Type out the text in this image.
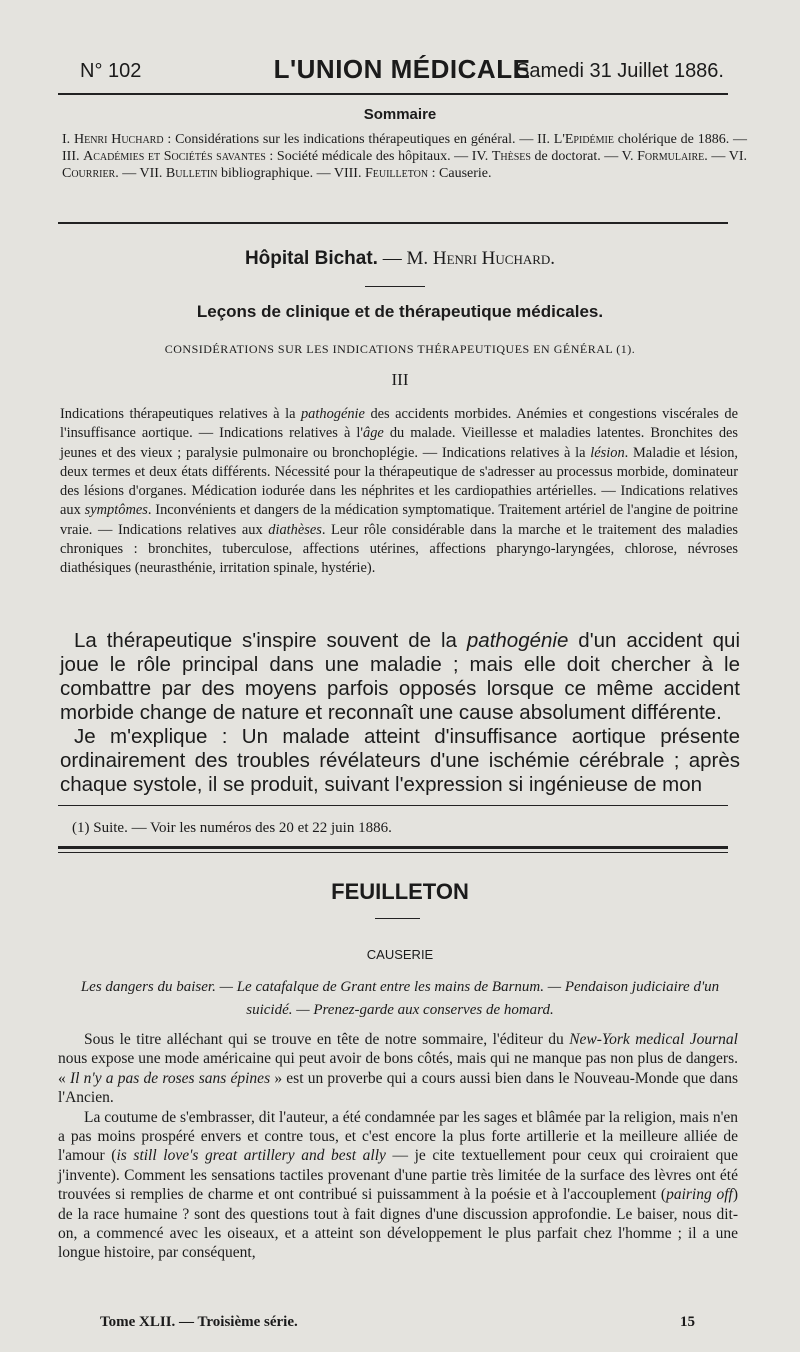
N° 102	L'UNION MÉDICALE
Samedi 31 Juillet 1886.
Sommaire

I. Henri Huchard : Considérations sur les indications thérapeutiques en général. — II. L'Epidémie cholérique de 1886. — III. Académies et Sociétés savantes : Société médicale des hôpitaux. — IV. Thèses de doctorat. — V. Formulaire. — VI. Courrier. — VII. Bulletin bibliographique. — VIII. Feuilleton : Causerie.

Hôpital Bichat. — M. Henri Huchard.
Leçons de clinique et de thérapeutique médicales.
CONSIDÉRATIONS SUR LES INDICATIONS THÉRAPEUTIQUES EN GÉNÉRAL (1).
III

Indications thérapeutiques relatives à la pathogénie des accidents morbides. Anémies et congestions viscérales de l'insuffisance aortique. — Indications relatives à l'âge du malade. Vieillesse et maladies latentes. Bronchites des jeunes et des vieux ; paralysie pulmonaire ou bronchoplégie. — Indications relatives à la lésion. Maladie et lésion, deux termes et deux états différents. Nécessité pour la thérapeutique de s'adresser au processus morbide, dominateur des lésions d'organes. Médication iodurée dans les néphrites et les cardiopathies artérielles. — Indications relatives aux symptômes. Inconvénients et dangers de la médication symptomatique. Traitement artériel de l'angine de poitrine vraie. — Indications relatives aux diathèses. Leur rôle considérable dans la marche et le traitement des maladies chroniques : bronchites, tuberculose, affections utérines, affections pharyngo-laryngées, chlorose, névroses diathésiques (neurasthénie, irritation spinale, hystérie).

La thérapeutique s'inspire souvent de la pathogénie d'un accident qui joue le rôle principal dans une maladie ; mais elle doit chercher à le combattre par des moyens parfois opposés lorsque ce même accident morbide change de nature et reconnaît une cause absolument différente.

Je m'explique : Un malade atteint d'insuffisance aortique présente ordinairement des troubles révélateurs d'une ischémie cérébrale ; après chaque systole, il se produit, suivant l'expression si ingénieuse de mon

(1) Suite. — Voir les numéros des 20 et 22 juin 1886.
FEUILLETON
CAUSERIE

Les dangers du baiser. — Le catafalque de Grant entre les mains de Barnum. — Pendaison judiciaire d'un suicidé. — Prenez-garde aux conserves de homard.

Sous le titre alléchant qui se trouve en tête de notre sommaire, l'éditeur du New-York medical Journal nous expose une mode américaine qui peut avoir de bons côtés, mais qui ne manque pas non plus de dangers. « Il n'y a pas de roses sans épines » est un proverbe qui a cours aussi bien dans le Nouveau-Monde que dans l'Ancien.

La coutume de s'embrasser, dit l'auteur, a été condamnée par les sages et blâmée par la religion, mais n'en a pas moins prospéré envers et contre tous, et c'est encore la plus forte artillerie et la meilleure alliée de l'amour (is still love's great artillery and best ally — je cite textuellement pour ceux qui croiraient que j'invente). Comment les sensations tactiles provenant d'une partie très limitée de la surface des lèvres ont été trouvées si remplies de charme et ont contribué si puissamment à la poésie et à l'accouplement (pairing off) de la race humaine ? sont des questions tout à fait dignes d'une discussion approfondie. Le baiser, nous dit-on, a commencé avec les oiseaux, et a atteint son développement le plus parfait chez l'homme ; il a une longue histoire, par conséquent,

Tome XLII. — Troisième série.	15
